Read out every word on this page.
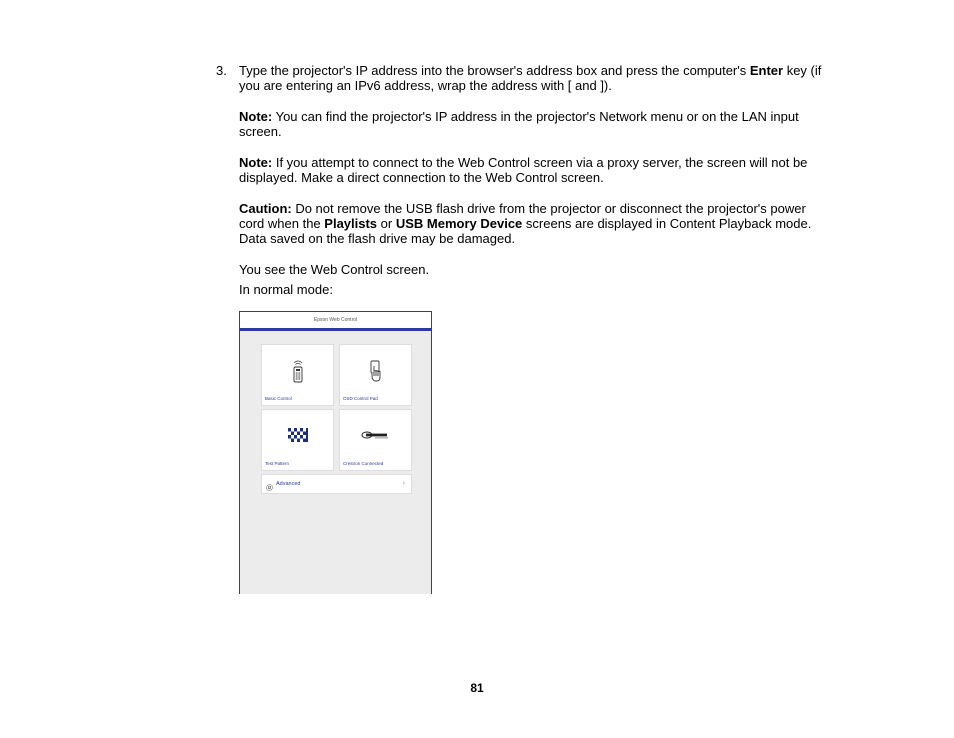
3. Type the projector's IP address into the browser's address box and press the computer's Enter key (if you are entering an IPv6 address, wrap the address with [ and ]).

Note: You can find the projector's IP address in the projector's Network menu or on the LAN input screen.

Note: If you attempt to connect to the Web Control screen via a proxy server, the screen will not be displayed. Make a direct connection to the Web Control screen.

Caution: Do not remove the USB flash drive from the projector or disconnect the projector's power cord when the Playlists or USB Memory Device screens are displayed in Content Playback mode. Data saved on the flash drive may be damaged.

You see the Web Control screen.

In normal mode:

Epson Web Control
Basic Control	OSD Control Pad
Test Pattern	Crestron Connected
Advanced	›
81
